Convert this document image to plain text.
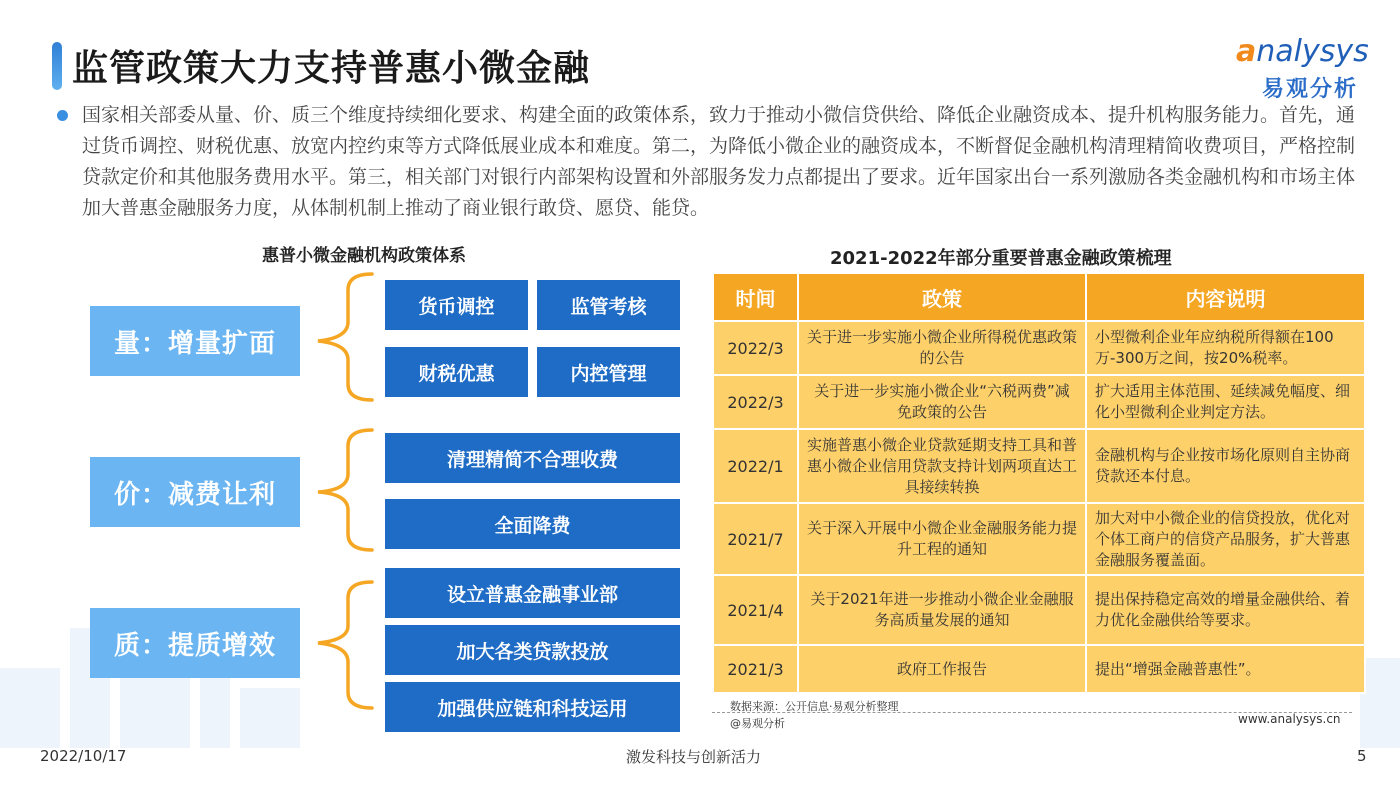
监管政策大力支持普惠小微金融	analysys
易观分析

国家相关部委从量、价、质三个维度持续细化要求、构建全面的政策体系，致力于推动小微信贷供给、降低企业融资成本、提升机构服务能力。首先，通过货币调控、财税优惠、放宽内控约束等方式降低展业成本和难度。第二，为降低小微企业的融资成本，不断督促金融机构清理精简收费项目，严格控制贷款定价和其他服务费用水平。第三，相关部门对银行内部架构设置和外部服务发力点都提出了要求。近年国家出台一系列激励各类金融机构和市场主体加大普惠金融服务力度，从体制机制上推动了商业银行敢贷、愿贷、能贷。

惠普小微金融机构政策体系
量：增量扩面
价：减费让利
质：提质增效
货币调控	监管考核
财税优惠	内控管理
清理精简不合理收费
全面降费
设立普惠金融事业部
加大各类贷款投放
加强供应链和科技运用
2021-2022年部分重要普惠金融政策梳理
时间	政策	内容说明
2022/3	关于进一步实施小微企业所得税优惠政策的公告	小型微利企业年应纳税所得额在100万-300万之间，按20%税率。
2022/3	关于进一步实施小微企业“六税两费”减免政策的公告	扩大适用主体范围、延续减免幅度、细化小型微利企业判定方法。
2022/1	实施普惠小微企业贷款延期支持工具和普惠小微企业信用贷款支持计划两项直达工具接续转换	金融机构与企业按市场化原则自主协商贷款还本付息。
2021/7	关于深入开展中小微企业金融服务能力提升工程的通知	加大对中小微企业的信贷投放，优化对个体工商户的信贷产品服务，扩大普惠金融服务覆盖面。
2021/4	关于2021年进一步推动小微企业金融服务高质量发展的通知	提出保持稳定高效的增量金融供给、着力优化金融供给等要求。
2021/3	政府工作报告	提出“增强金融普惠性”。
数据来源：公开信息·易观分析整理
@易观分析	www.analysys.cn
2022/10/17	激发科技与创新活力	5
